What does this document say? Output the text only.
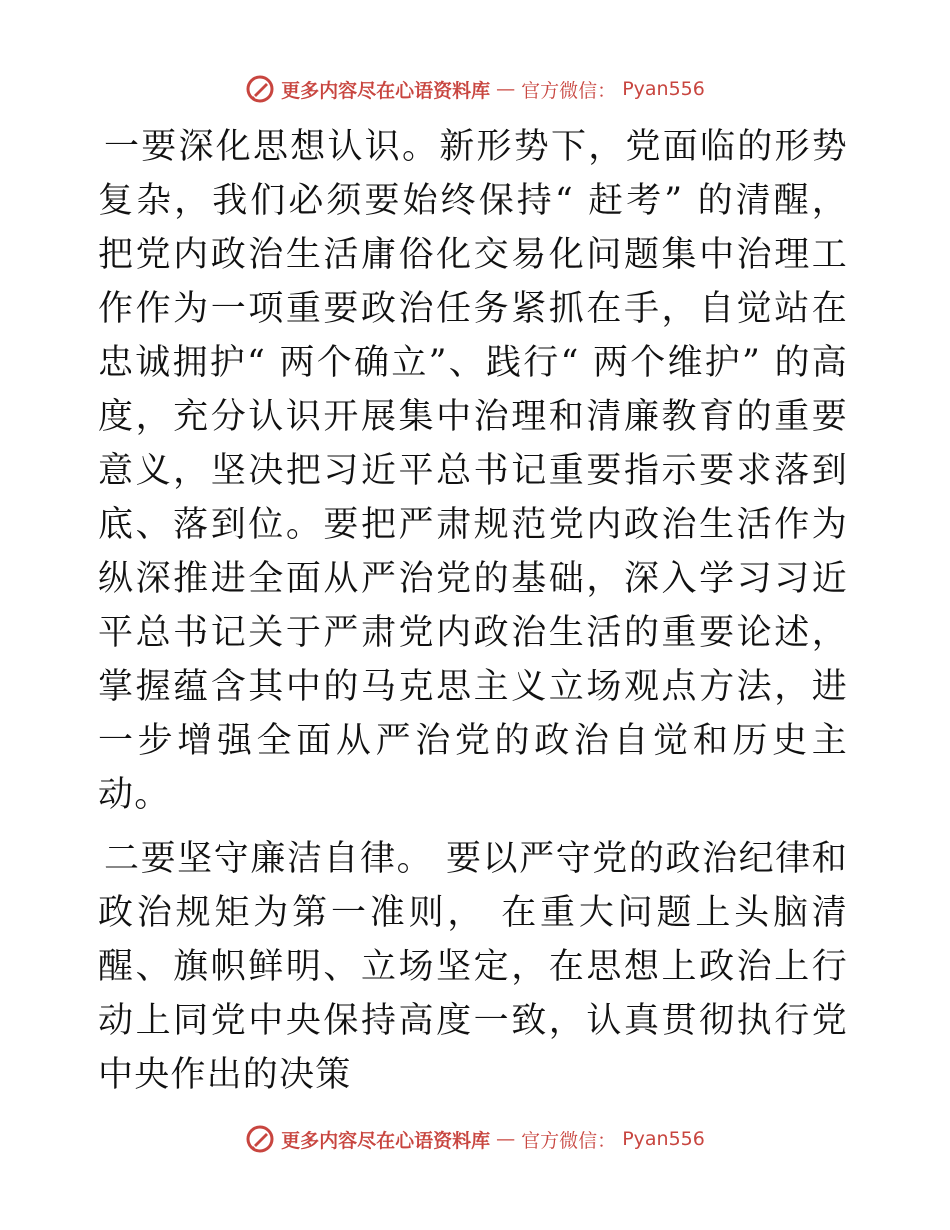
更多内容尽在心语资料库 — 官方微信： Pyan556

一要深化思想认识。新形势下，党面临的形势复杂，我们必须要始终保持“ 赶考” 的清醒，把党内政治生活庸俗化交易化问题集中治理工作作为一项重要政治任务紧抓在手，自觉站在忠诚拥护“ 两个确立”、践行“ 两个维护” 的高度，充分认识开展集中治理和清廉教育的重要意义，坚决把习近平总书记重要指示要求落到底、落到位。要把严肃规范党内政治生活作为纵深推进全面从严治党的基础，深入学习习近平总书记关于严肃党内政治生活的重要论述，掌握蕴含其中的马克思主义立场观点方法，进一步增强全面从严治党的政治自觉和历史主动。

二要坚守廉洁自律。 要以严守党的政治纪律和政治规矩为第一准则， 在重大问题上头脑清醒、旗帜鲜明、立场坚定，在思想上政治上行动上同党中央保持高度一致，认真贯彻执行党中央作出的决策

更多内容尽在心语资料库 — 官方微信： Pyan556
